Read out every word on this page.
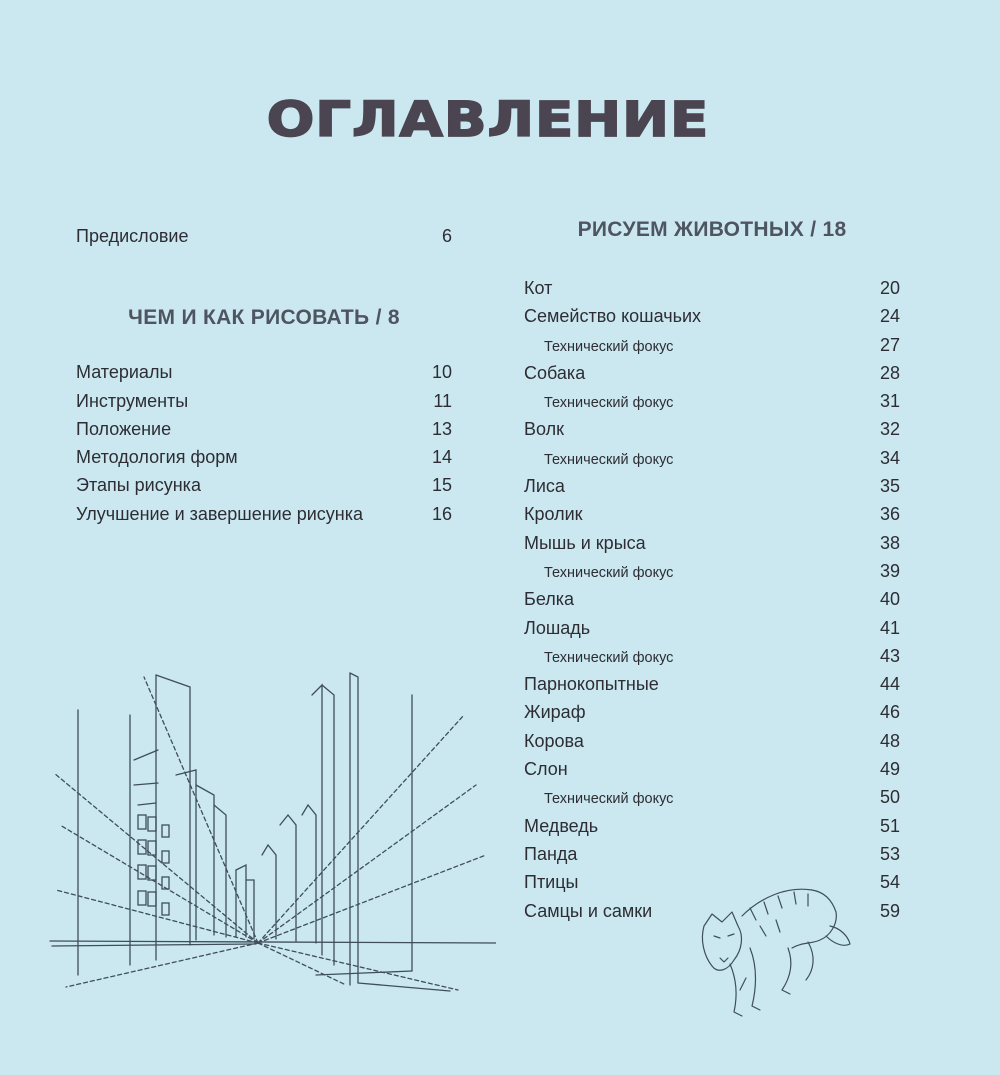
ОГЛАВЛЕНИЕ
Предисловие	6
ЧЕМ И КАК РИСОВАТЬ / 8
Материалы	10
Инструменты	11
Положение	13
Методология форм	14
Этапы рисунка	15
Улучшение и завершение рисунка	16
РИСУЕМ ЖИВОТНЫХ / 18
Кот	20
Семейство кошачьих	24
Технический фокус	27
Собака	28
Технический фокус	31
Волк	32
Технический фокус	34
Лиса	35
Кролик	36
Мышь и крыса	38
Технический фокус	39
Белка	40
Лошадь	41
Технический фокус	43
Парнокопытные	44
Жираф	46
Корова	48
Слон	49
Технический фокус	50
Медведь	51
Панда	53
Птицы	54
Самцы и самки	59
